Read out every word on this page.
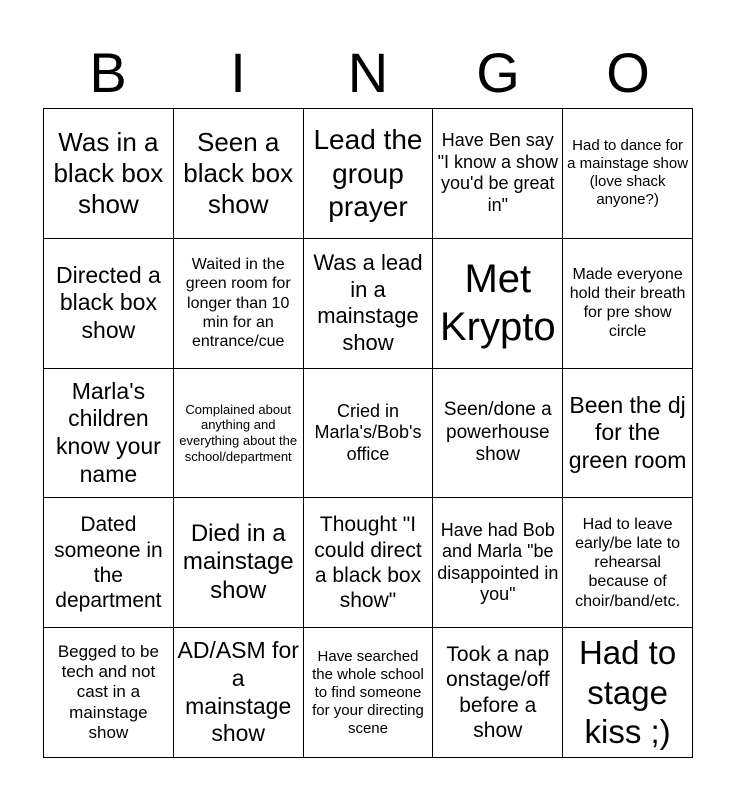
B	I	N	G	O
Was in a black box show
Seen a black box show
Lead the group prayer
Have Ben say "I know a show you'd be great in"
Had to dance for a mainstage show (love shack anyone?)
Directed a black box show
Waited in the green room for longer than 10 min for an entrance/cue
Was a lead in a mainstage show
Met Krypto
Made everyone hold their breath for pre show circle
Marla's children know your name
Complained about anything and everything about the school/department
Cried in Marla's/Bob's office
Seen/done a powerhouse show
Been the dj for the green room
Dated someone in the department
Died in a mainstage show
Thought "I could direct a black box show"
Have had Bob and Marla "be disappointed in you"
Had to leave early/be late to rehearsal because of choir/band/etc.
Begged to be tech and not cast in a mainstage show
AD/ASM for a mainstage show
Have searched the whole school to find someone for your directing scene
Took a nap onstage/off before a show
Had to stage kiss ;)
